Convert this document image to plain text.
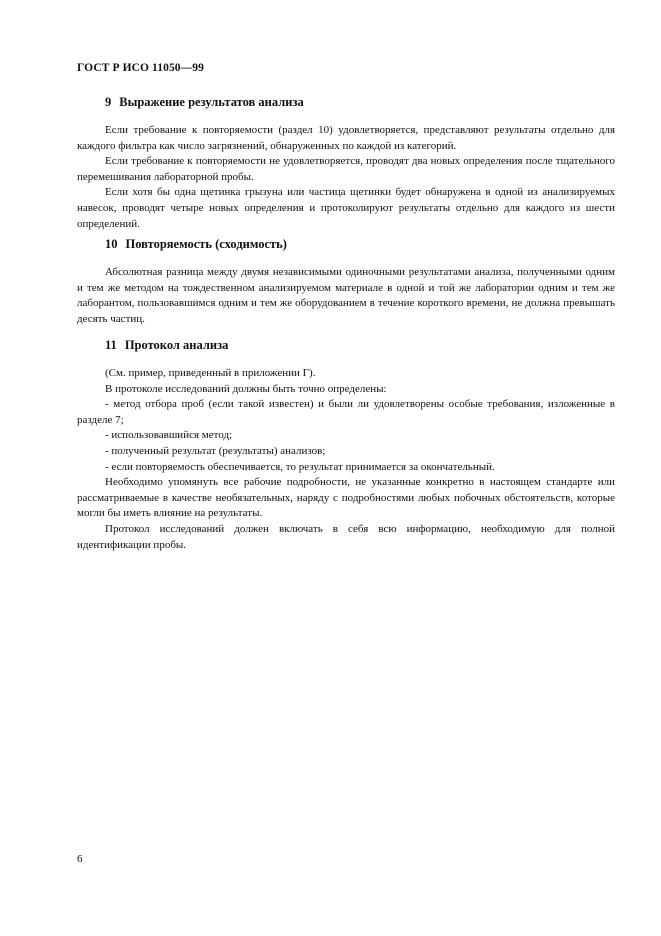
ГОСТ Р ИСО 11050—99
9 Выражение результатов анализа

Если требование к повторяемости (раздел 10) удовлетворяется, представляют результаты отдельно для каждого фильтра как число загрязнений, обнаруженных по каждой из категорий.

Если требование к повторяемости не удовлетворяется, проводят два новых определения после тщательного перемешивания лабораторной пробы.

Если хотя бы одна щетинка грызуна или частица щетинки будет обнаружена в одной из анализируемых навесок, проводят четыре новых определения и протоколируют результаты отдельно для каждого из шести определений.

10 Повторяемость (сходимость)

Абсолютная разница между двумя независимыми одиночными результатами анализа, полученными одним и тем же методом на тождественном анализируемом материале в одной и той же лаборатории одним и тем же лаборантом, пользовавшимся одним и тем же оборудованием в течение короткого времени, не должна превышать десять частиц.

11 Протокол анализа

(См. пример, приведенный в приложении Г).

В протоколе исследований должны быть точно определены:

- метод отбора проб (если такой известен) и были ли удовлетворены особые требования, изложенные в разделе 7;

- использовавшийся метод;

- полученный результат (результаты) анализов;

- если повторяемость обеспечивается, то результат принимается за окончательный.

Необходимо упомянуть все рабочие подробности, не указанные конкретно в настоящем стандарте или рассматриваемые в качестве необязательных, наряду с подробностями любых побочных обстоятельств, которые могли бы иметь влияние на результаты.

Протокол исследований должен включать в себя всю информацию, необходимую для полной идентификации пробы.

6
